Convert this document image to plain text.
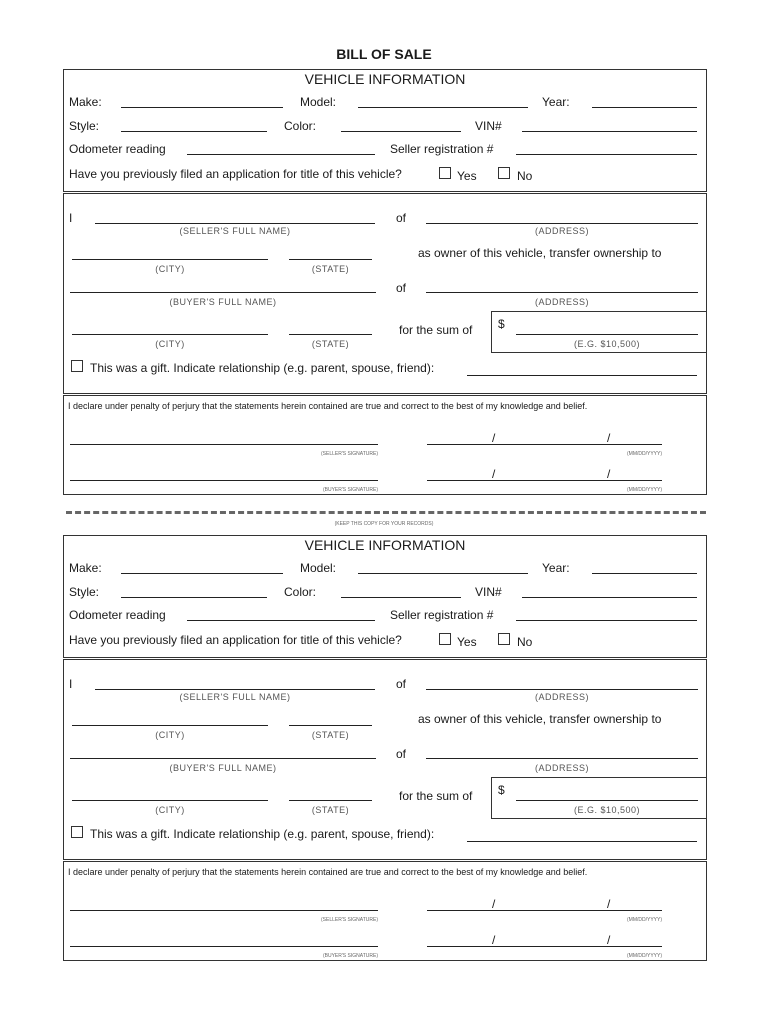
BILL OF SALE
(KEEP THIS COPY FOR YOUR RECORDS)
VEHICLE INFORMATION
Make:	Model:	Year:
Style:	Color:	VIN#
Odometer reading	Seller registration #
Have you previously filed an application for title of this vehicle?	Yes	No
I
(SELLER'S FULL NAME)
of
(ADDRESS)
(CITY)	(STATE)
as owner of this vehicle, transfer ownership to
(BUYER'S FULL NAME)
of
(ADDRESS)
(CITY)	(STATE)
for the sum of $
(E.G. $10,500)
This was a gift. Indicate relationship (e.g. parent, spouse, friend):
I declare under penalty of perjury that the statements herein contained are true and correct to the best of my knowledge and belief.
(SELLER'S SIGNATURE)
/	/
(MM/DD/YYYY)
(BUYER'S SIGNATURE)
/	/
(MM/DD/YYYY)
VEHICLE INFORMATION
Make:	Model:	Year:
Style:	Color:	VIN#
Odometer reading	Seller registration #
Have you previously filed an application for title of this vehicle?	Yes	No
I
(SELLER'S FULL NAME)
of
(ADDRESS)
(CITY)	(STATE)
as owner of this vehicle, transfer ownership to
(BUYER'S FULL NAME)
of
(ADDRESS)
(CITY)	(STATE)
for the sum of $
(E.G. $10,500)
This was a gift. Indicate relationship (e.g. parent, spouse, friend):
I declare under penalty of perjury that the statements herein contained are true and correct to the best of my knowledge and belief.
(SELLER'S SIGNATURE)
/	/
(MM/DD/YYYY)
(BUYER'S SIGNATURE)
/	/
(MM/DD/YYYY)
